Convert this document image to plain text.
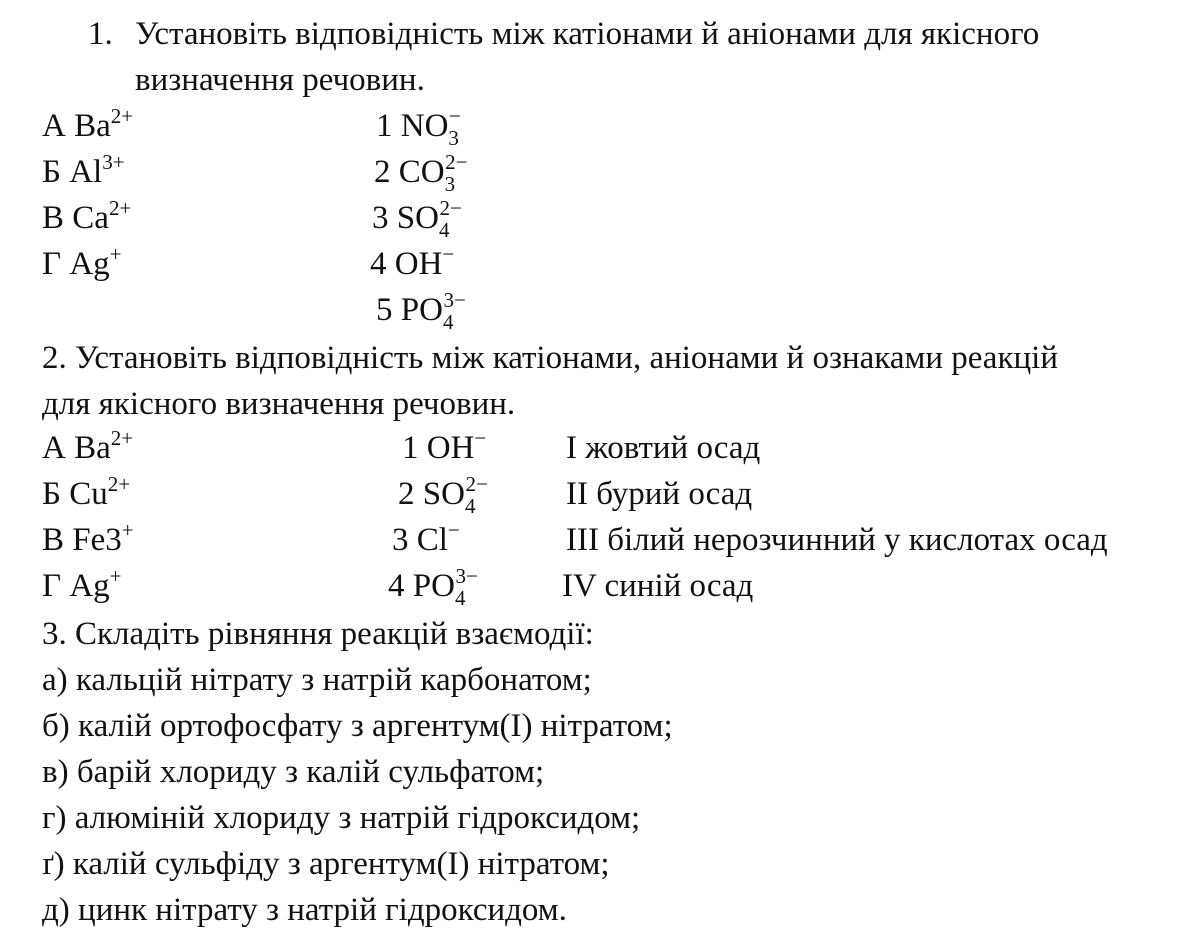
1. Установіть відповідність між катіонами й аніонами для якісного
визначення речовин.
А $Ba^{2+}$
Б $Al^{3+}$
В $Ca^{2+}$
Г Ag+
1 $NO_3^-$
2 $CO_3^{2-}$
3 $SO_4^{2-}$
4 OH−
5 $PO_4^{3-}$
2. Установіть відповідність між катіонами, аніонами й ознаками реакцій
для якісного визначення речовин.
А $Ba^{2+}$
Б $Cu^{2+}$
В Fe3+
Г Ag+
1 OH−
2 $SO_4^{2-}$
3 Cl−
4 $PO_4^{3-}$
І жовтий осад
ІІ бурий осад
ІІІ білий нерозчинний у кислотах осад
ІV синій осад
3. Складіть рівняння реакцій взаємодії:
а) кальцій нітрату з натрій карбонатом;
б) калій ортофосфату з аргентум(І) нітратом;
в) барій хлориду з калій сульфатом;
г) алюміній хлориду з натрій гідроксидом;
ґ) калій сульфіду з аргентум(І) нітратом;
д) цинк нітрату з натрій гідроксидом.
